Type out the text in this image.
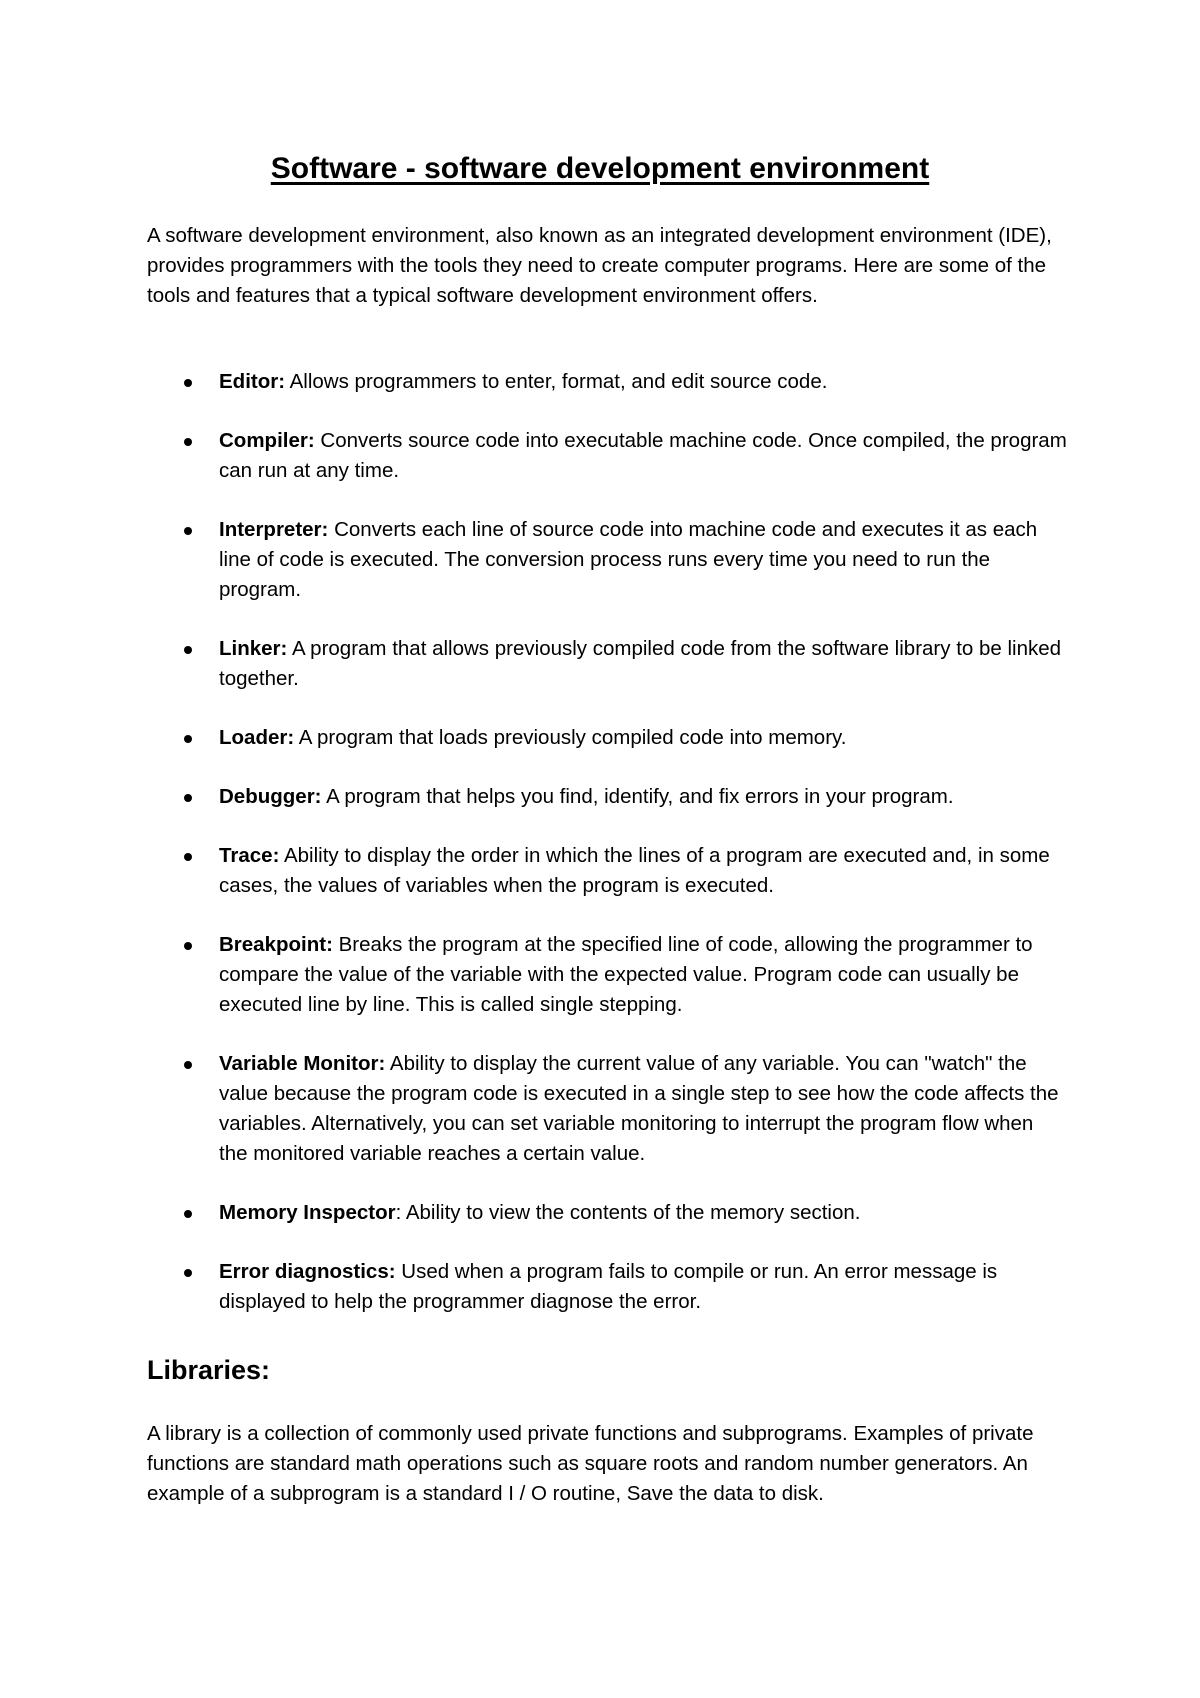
Software - software development environment

A software development environment, also known as an integrated development environment (IDE), provides programmers with the tools they need to create computer programs. Here are some of the tools and features that a typical software development environment offers.

Editor: Allows programmers to enter, format, and edit source code.
Compiler: Converts source code into executable machine code. Once compiled, the program can run at any time.
Interpreter: Converts each line of source code into machine code and executes it as each line of code is executed. The conversion process runs every time you need to run the program.
Linker: A program that allows previously compiled code from the software library to be linked together.
Loader: A program that loads previously compiled code into memory.
Debugger: A program that helps you find, identify, and fix errors in your program.
Trace: Ability to display the order in which the lines of a program are executed and, in some cases, the values of variables when the program is executed.
Breakpoint: Breaks the program at the specified line of code, allowing the programmer to compare the value of the variable with the expected value. Program code can usually be executed line by line. This is called single stepping.
Variable Monitor: Ability to display the current value of any variable. You can "watch" the value because the program code is executed in a single step to see how the code affects the variables. Alternatively, you can set variable monitoring to interrupt the program flow when the monitored variable reaches a certain value.
Memory Inspector: Ability to view the contents of the memory section.
Error diagnostics: Used when a program fails to compile or run. An error message is displayed to help the programmer diagnose the error.
Libraries:

A library is a collection of commonly used private functions and subprograms. Examples of private functions are standard math operations such as square roots and random number generators. An example of a subprogram is a standard I / O routine, Save the data to disk.
